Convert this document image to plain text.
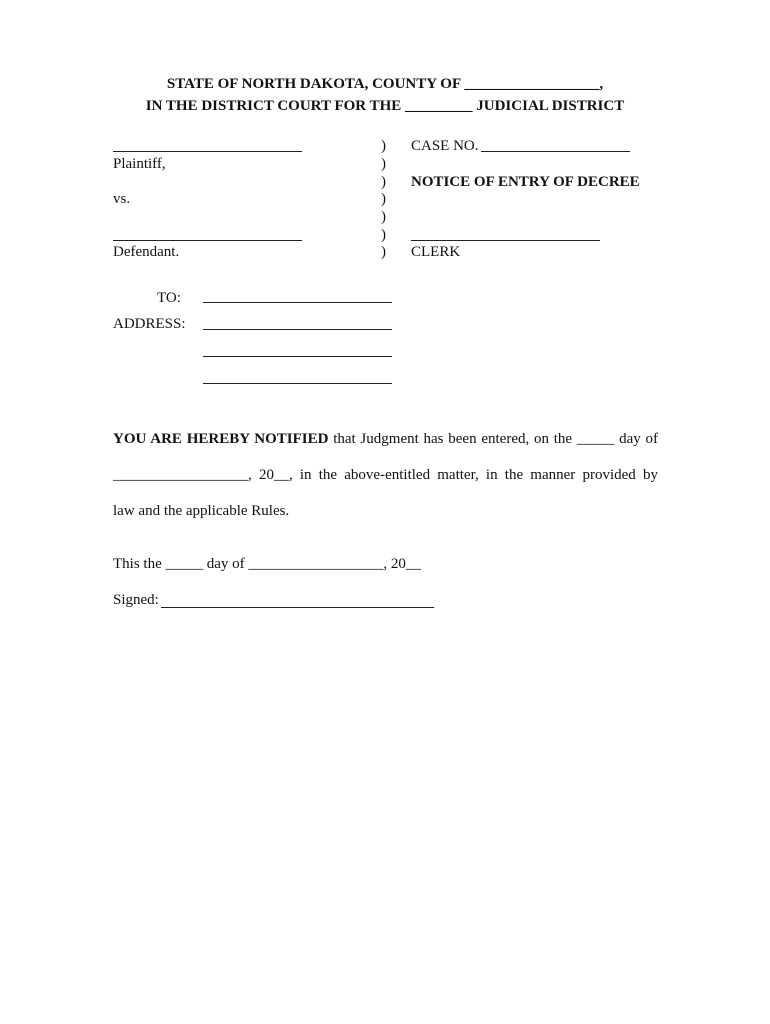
STATE OF NORTH DAKOTA, COUNTY OF __________________,
IN THE DISTRICT COURT FOR THE _________ JUDICIAL DISTRICT
Plaintiff,
vs.
Defendant.
)
)
)
)
)
)
)
CASE NO.
NOTICE OF ENTRY OF DECREE
CLERK
TO:
ADDRESS:
YOU ARE HEREBY NOTIFIED that Judgment has been entered, on the _____ day of
__________________, 20__, in the above-entitled matter, in the manner provided by
law and the applicable Rules.
This the _____ day of __________________, 20__
Signed:
